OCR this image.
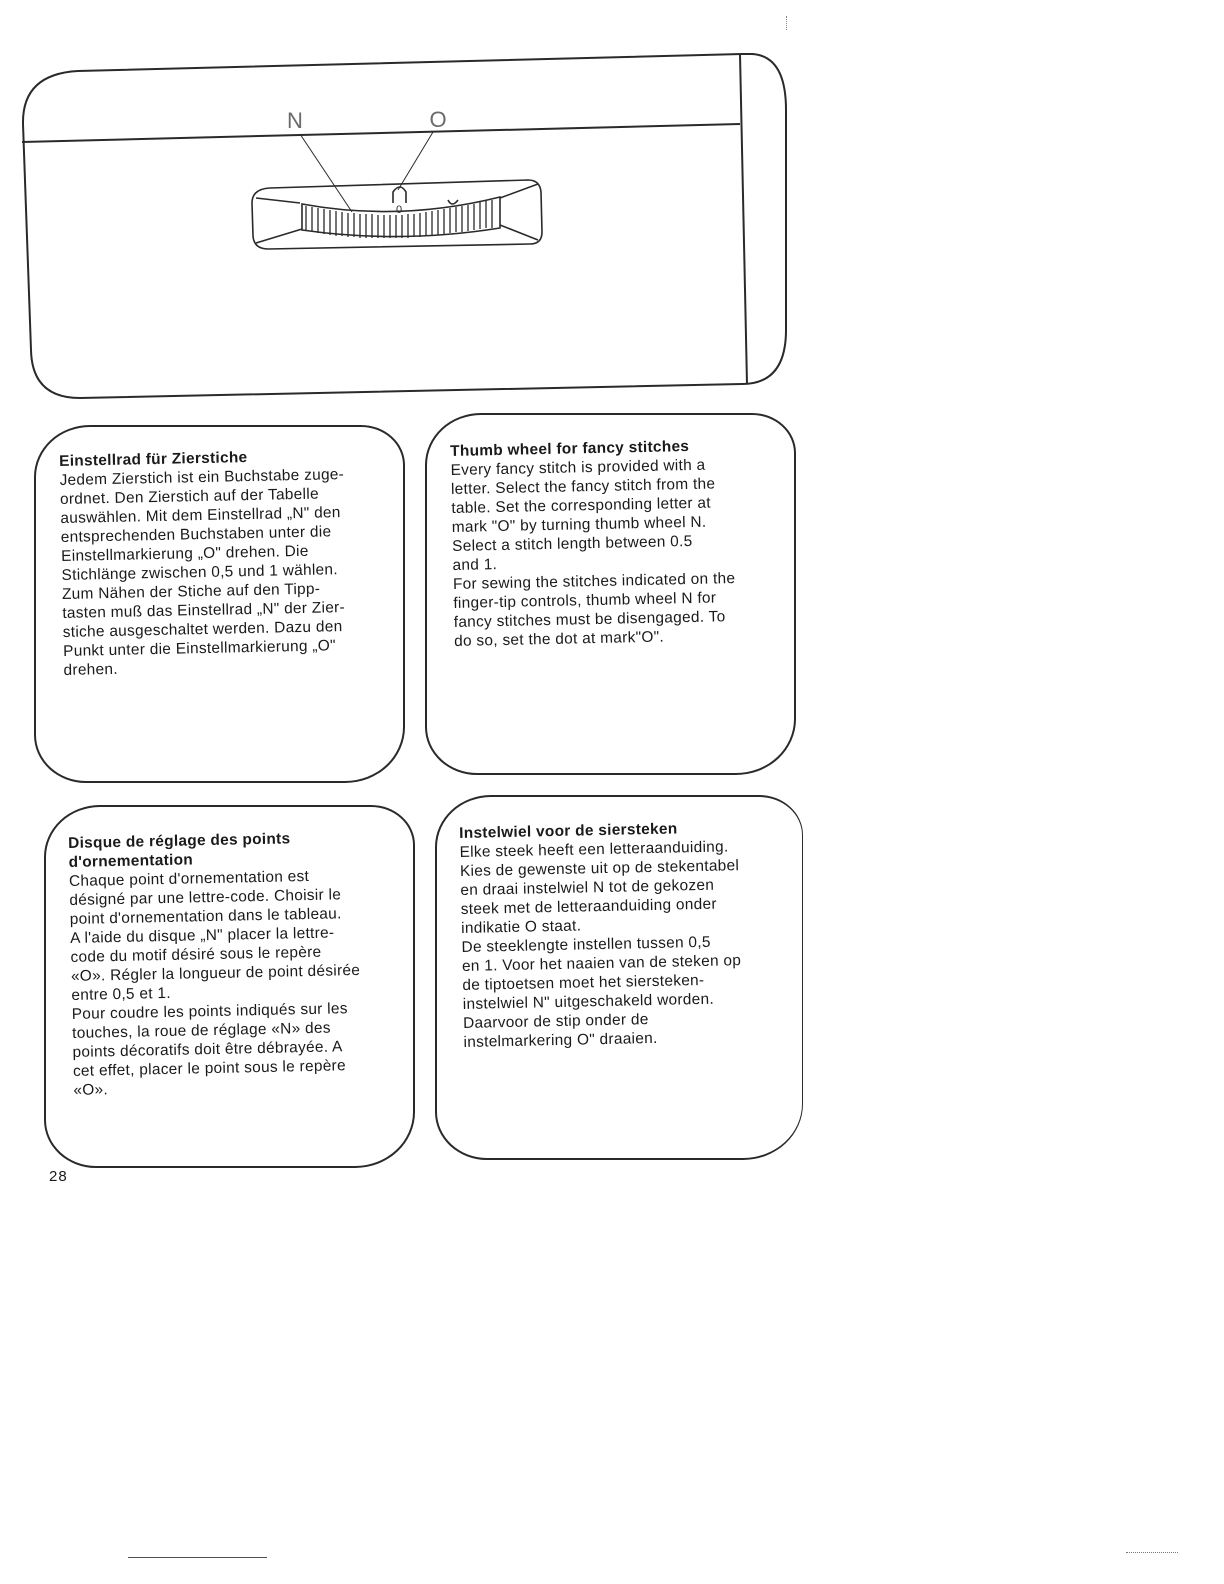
N	O
0
Einstellrad für Zierstiche

Jedem Zierstich ist ein Buchstabe zuge-
ordnet. Den Zierstich auf der Tabelle
auswählen. Mit dem Einstellrad „N" den
entsprechenden Buchstaben unter die
Einstellmarkierung „O" drehen. Die
Stichlänge zwischen 0,5 und 1 wählen.
Zum Nähen der Stiche auf den Tipp-
tasten muß das Einstellrad „N" der Zier-
stiche ausgeschaltet werden. Dazu den
Punkt unter die Einstellmarkierung „O"
drehen.

Thumb wheel for fancy stitches

Every fancy stitch is provided with a
letter. Select the fancy stitch from the
table. Set the corresponding letter at
mark "O" by turning thumb wheel N.
Select a stitch length between 0.5
and 1.
For sewing the stitches indicated on the
finger-tip controls, thumb wheel N for
fancy stitches must be disengaged. To
do so, set the dot at mark"O".

Disque de réglage des points
d'ornementation

Chaque point d'ornementation est
désigné par une lettre-code. Choisir le
point d'ornementation dans le tableau.
A l'aide du disque „N" placer la lettre-
code du motif désiré sous le repère
«O». Régler la longueur de point désirée
entre 0,5 et 1.
Pour coudre les points indiqués sur les
touches, la roue de réglage «N» des
points décoratifs doit être débrayée. A
cet effet, placer le point sous le repère
«O».

Instelwiel voor de siersteken

Elke steek heeft een letteraanduiding.
Kies de gewenste uit op de stekentabel
en draai instelwiel N tot de gekozen
steek met de letteraanduiding onder
indikatie O staat.
De steeklengte instellen tussen 0,5
en 1. Voor het naaien van de steken op
de tiptoetsen moet het siersteken-
instelwiel N" uitgeschakeld worden.
Daarvoor de stip onder de
instelmarkering O" draaien.

28
